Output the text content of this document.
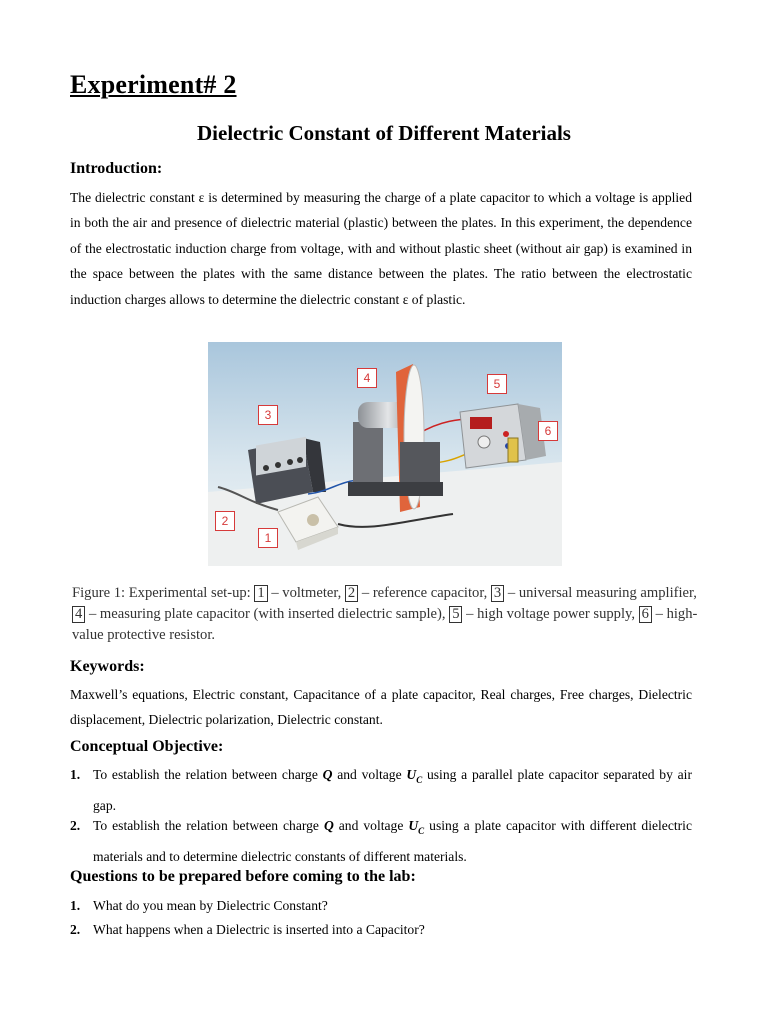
Experiment# 2
Dielectric Constant of Different Materials
Introduction:

The dielectric constant ε is determined by measuring the charge of a plate capacitor to which a voltage is applied in both the air and presence of dielectric material (plastic) between the plates. In this experiment, the dependence of the electrostatic induction charge from voltage, with and without plastic sheet (without air gap) is examined in the space between the plates with the same distance between the plates. The ratio between the electrostatic induction charges allows to determine the dielectric constant ε of plastic.

4	5
3
6
2
1
Figure 1: Experimental set-up: 1 – voltmeter, 2 – reference capacitor, 3 – universal measuring amplifier, 4 – measuring plate capacitor (with inserted dielectric sample), 5 – high voltage power supply, 6 – high-value protective resistor.
Keywords:

Maxwell’s equations, Electric constant, Capacitance of a plate capacitor, Real charges, Free charges, Dielectric displacement, Dielectric polarization, Dielectric constant.

Conceptual Objective:
1. To establish the relation between charge Q and voltage $U_C$ using a parallel plate capacitor separated by air gap.
2. To establish the relation between charge Q and voltage $U_C$ using a plate capacitor with different dielectric materials and to determine dielectric constants of different materials.
Questions to be prepared before coming to the lab:
1. What do you mean by Dielectric Constant?
2. What happens when a Dielectric is inserted into a Capacitor?
